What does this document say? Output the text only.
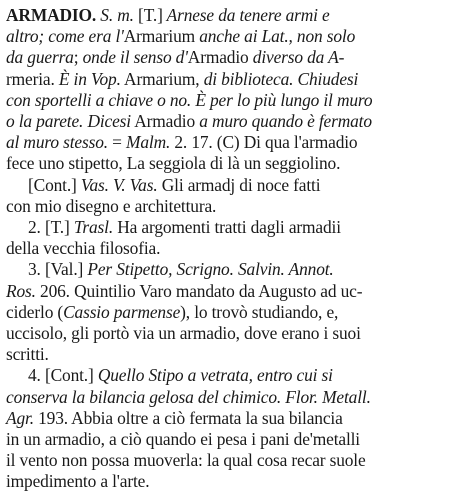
ARMADIO. S. m. [T.] Arnese da tenere armi e
altro; come era l'Armarium anche ai Lat., non solo
da guerra; onde il senso d'Armadio diverso da A-
rmeria. È in Vop. Armarium, di biblioteca. Chiudesi
con sportelli a chiave o no. È per lo più lungo il muro
o la parete. Dicesi Armadio a muro quando è fermato
al muro stesso. = Malm. 2. 17. (C) Di qua l'armadio
fece uno stipetto, La seggiola di là un seggiolino.
[Cont.] Vas. V. Vas. Gli armadj di noce fatti
con mio disegno e architettura.
2. [T.] Trasl. Ha argomenti tratti dagli armadii
della vecchia filosofia.
3. [Val.] Per Stipetto, Scrigno. Salvin. Annot.
Ros. 206. Quintilio Varo mandato da Augusto ad uc-
ciderlo (Cassio parmense), lo trovò studiando, e,
uccisolo, gli portò via un armadio, dove erano i suoi
scritti.
4. [Cont.] Quello Stipo a vetrata, entro cui si
conserva la bilancia gelosa del chimico. Flor. Metall.
Agr. 193. Abbia oltre a ciò fermata la sua bilancia
in un armadio, a ciò quando ei pesa i pani de'metalli
il vento non possa muoverla: la qual cosa recar suole
impedimento a l'arte.
